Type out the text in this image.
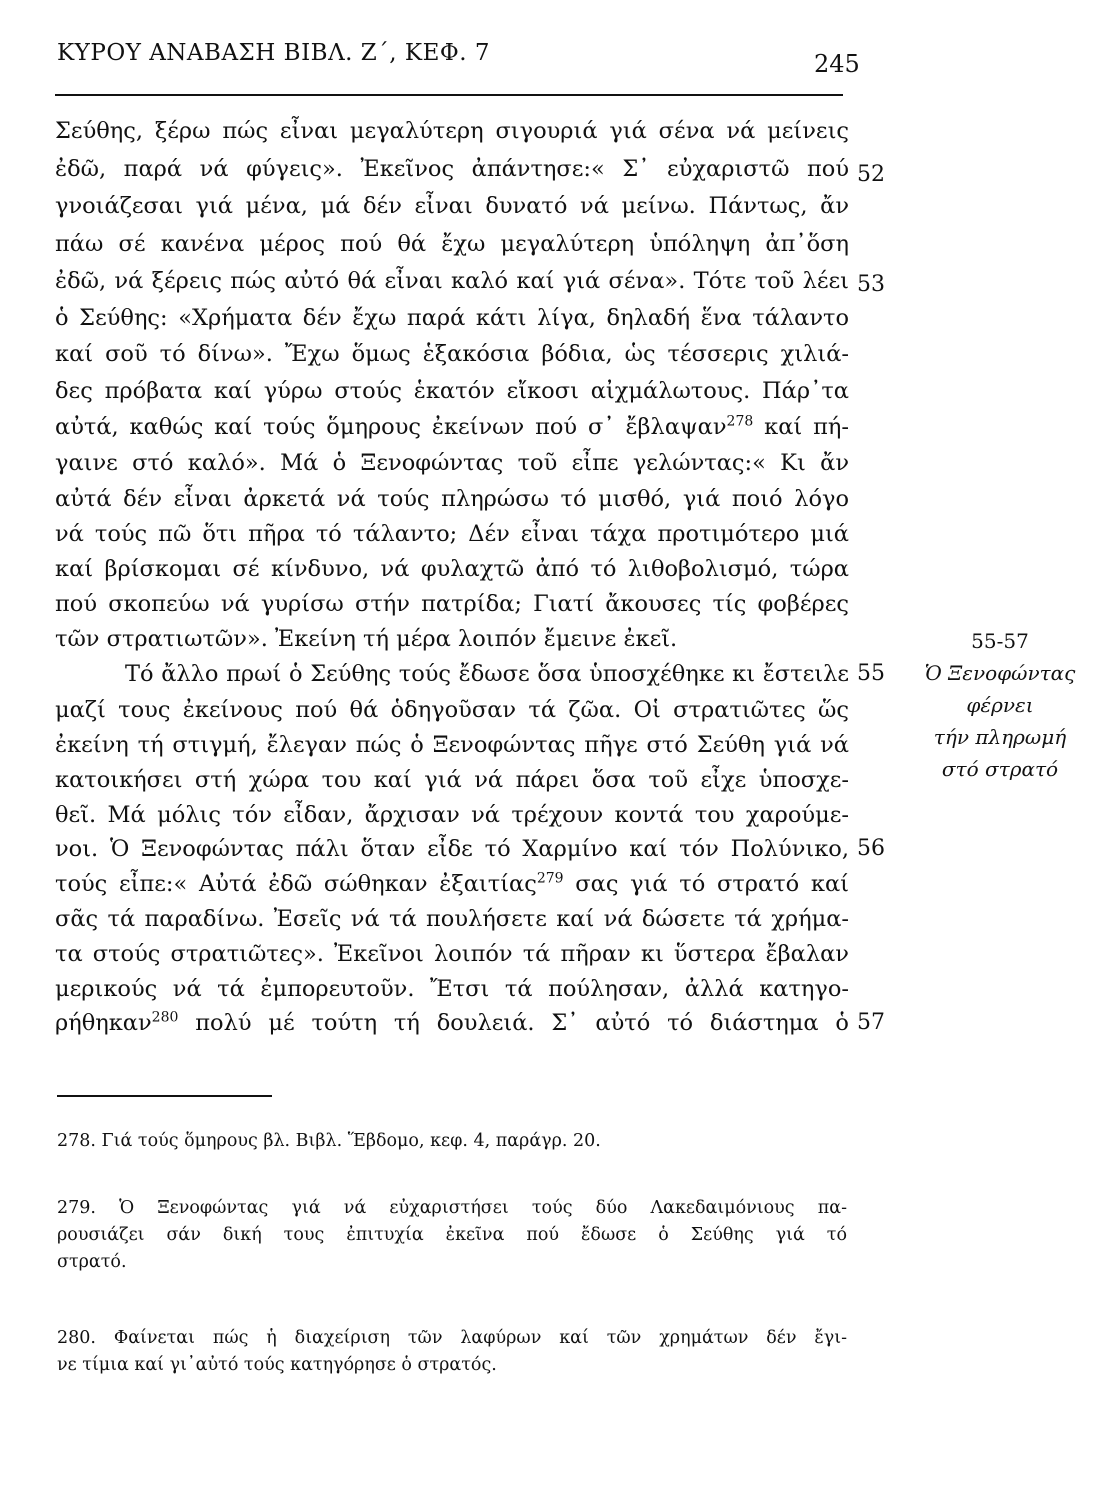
ΚΥΡΟΥ ΑΝΑΒΑΣΗ ΒΙΒΛ. Ζ΄, ΚΕΦ. 7	245
Σεύθης, ξέρω πώς εἶναι μεγαλύτερη σιγουριά γιά σένα νά μείνεις
ἐδῶ, παρά νά φύγεις». Ἐκεῖνος ἀπάντησε:« Σ᾿ εὐχαριστῶ πού
γνοιάζεσαι γιά μένα, μά δέν εἶναι δυνατό νά μείνω. Πάντως, ἄν
πάω σέ κανένα μέρος πού θά ἔχω μεγαλύτερη ὑπόληψη ἀπ᾿ὅση
ἐδῶ, νά ξέρεις πώς αὐτό θά εἶναι καλό καί γιά σένα». Τότε τοῦ λέει
ὁ Σεύθης: «Χρήματα δέν ἔχω παρά κάτι λίγα, δηλαδή ἕνα τάλαντο
καί σοῦ τό δίνω». Ἔχω ὅμως ἑξακόσια βόδια, ὡς τέσσερις χιλιά-
δες πρόβατα καί γύρω στούς ἑκατόν εἴκοσι αἰχμάλωτους. Πάρ᾿τα
αὐτά, καθώς καί τούς ὅμηρους ἐκείνων πού σ᾿ ἔβλαψαν$^{278}$ καί πή-
γαινε στό καλό». Μά ὁ Ξενοφώντας τοῦ εἶπε γελώντας:« Κι ἄν
αὐτά δέν εἶναι ἀρκετά νά τούς πληρώσω τό μισθό, γιά ποιό λόγο
νά τούς πῶ ὅτι πῆρα τό τάλαντο; Δέν εἶναι τάχα προτιμότερο μιά
καί βρίσκομαι σέ κίνδυνο, νά φυλαχτῶ ἀπό τό λιθοβολισμό, τώρα
πού σκοπεύω νά γυρίσω στήν πατρίδα; Γιατί ἄκουσες τίς φοβέρες
τῶν στρατιωτῶν». Ἐκείνη τή μέρα λοιπόν ἔμεινε ἐκεῖ.
Τό ἄλλο πρωί ὁ Σεύθης τούς ἔδωσε ὅσα ὑποσχέθηκε κι ἔστειλε
μαζί τους ἐκείνους πού θά ὁδηγοῦσαν τά ζῶα. Οἱ στρατιῶτες ὥς
ἐκείνη τή στιγμή, ἔλεγαν πώς ὁ Ξενοφώντας πῆγε στό Σεύθη γιά νά
κατοικήσει στή χώρα του καί γιά νά πάρει ὅσα τοῦ εἶχε ὑποσχε-
θεῖ. Μά μόλις τόν εἶδαν, ἄρχισαν νά τρέχουν κοντά του χαρούμε-
νοι. Ὁ Ξενοφώντας πάλι ὅταν εἶδε τό Χαρμίνο καί τόν Πολύνικο,
τούς εἶπε:« Αὐτά ἐδῶ σώθηκαν ἐξαιτίας$^{279}$ σας γιά τό στρατό καί
σᾶς τά παραδίνω. Ἐσεῖς νά τά πουλήσετε καί νά δώσετε τά χρήμα-
τα στούς στρατιῶτες». Ἐκεῖνοι λοιπόν τά πῆραν κι ὕστερα ἔβαλαν
μερικούς νά τά ἐμπορευτοῦν. Ἔτσι τά πούλησαν, ἀλλά κατηγο-
ρήθηκαν$^{280}$ πολύ μέ τούτη τή δουλειά. Σ᾿ αὐτό τό διάστημα ὁ
52
53
55
56
57
55-57
Ὁ Ξενοφώντας
φέρνει
τήν πληρωμή
στό στρατό
278. Γιά τούς ὅμηρους βλ. Βιβλ. Ἕβδομο, κεφ. 4, παράγρ. 20.
279. Ὁ Ξενοφώντας γιά νά εὐχαριστήσει τούς δύο Λακεδαιμόνιους πα-
ρουσιάζει σάν δική τους ἐπιτυχία ἐκεῖνα πού ἔδωσε ὁ Σεύθης γιά τό
στρατό.
280. Φαίνεται πώς ἡ διαχείριση τῶν λαφύρων καί τῶν χρημάτων δέν ἔγι-
νε τίμια καί γι᾿αὐτό τούς κατηγόρησε ὁ στρατός.
